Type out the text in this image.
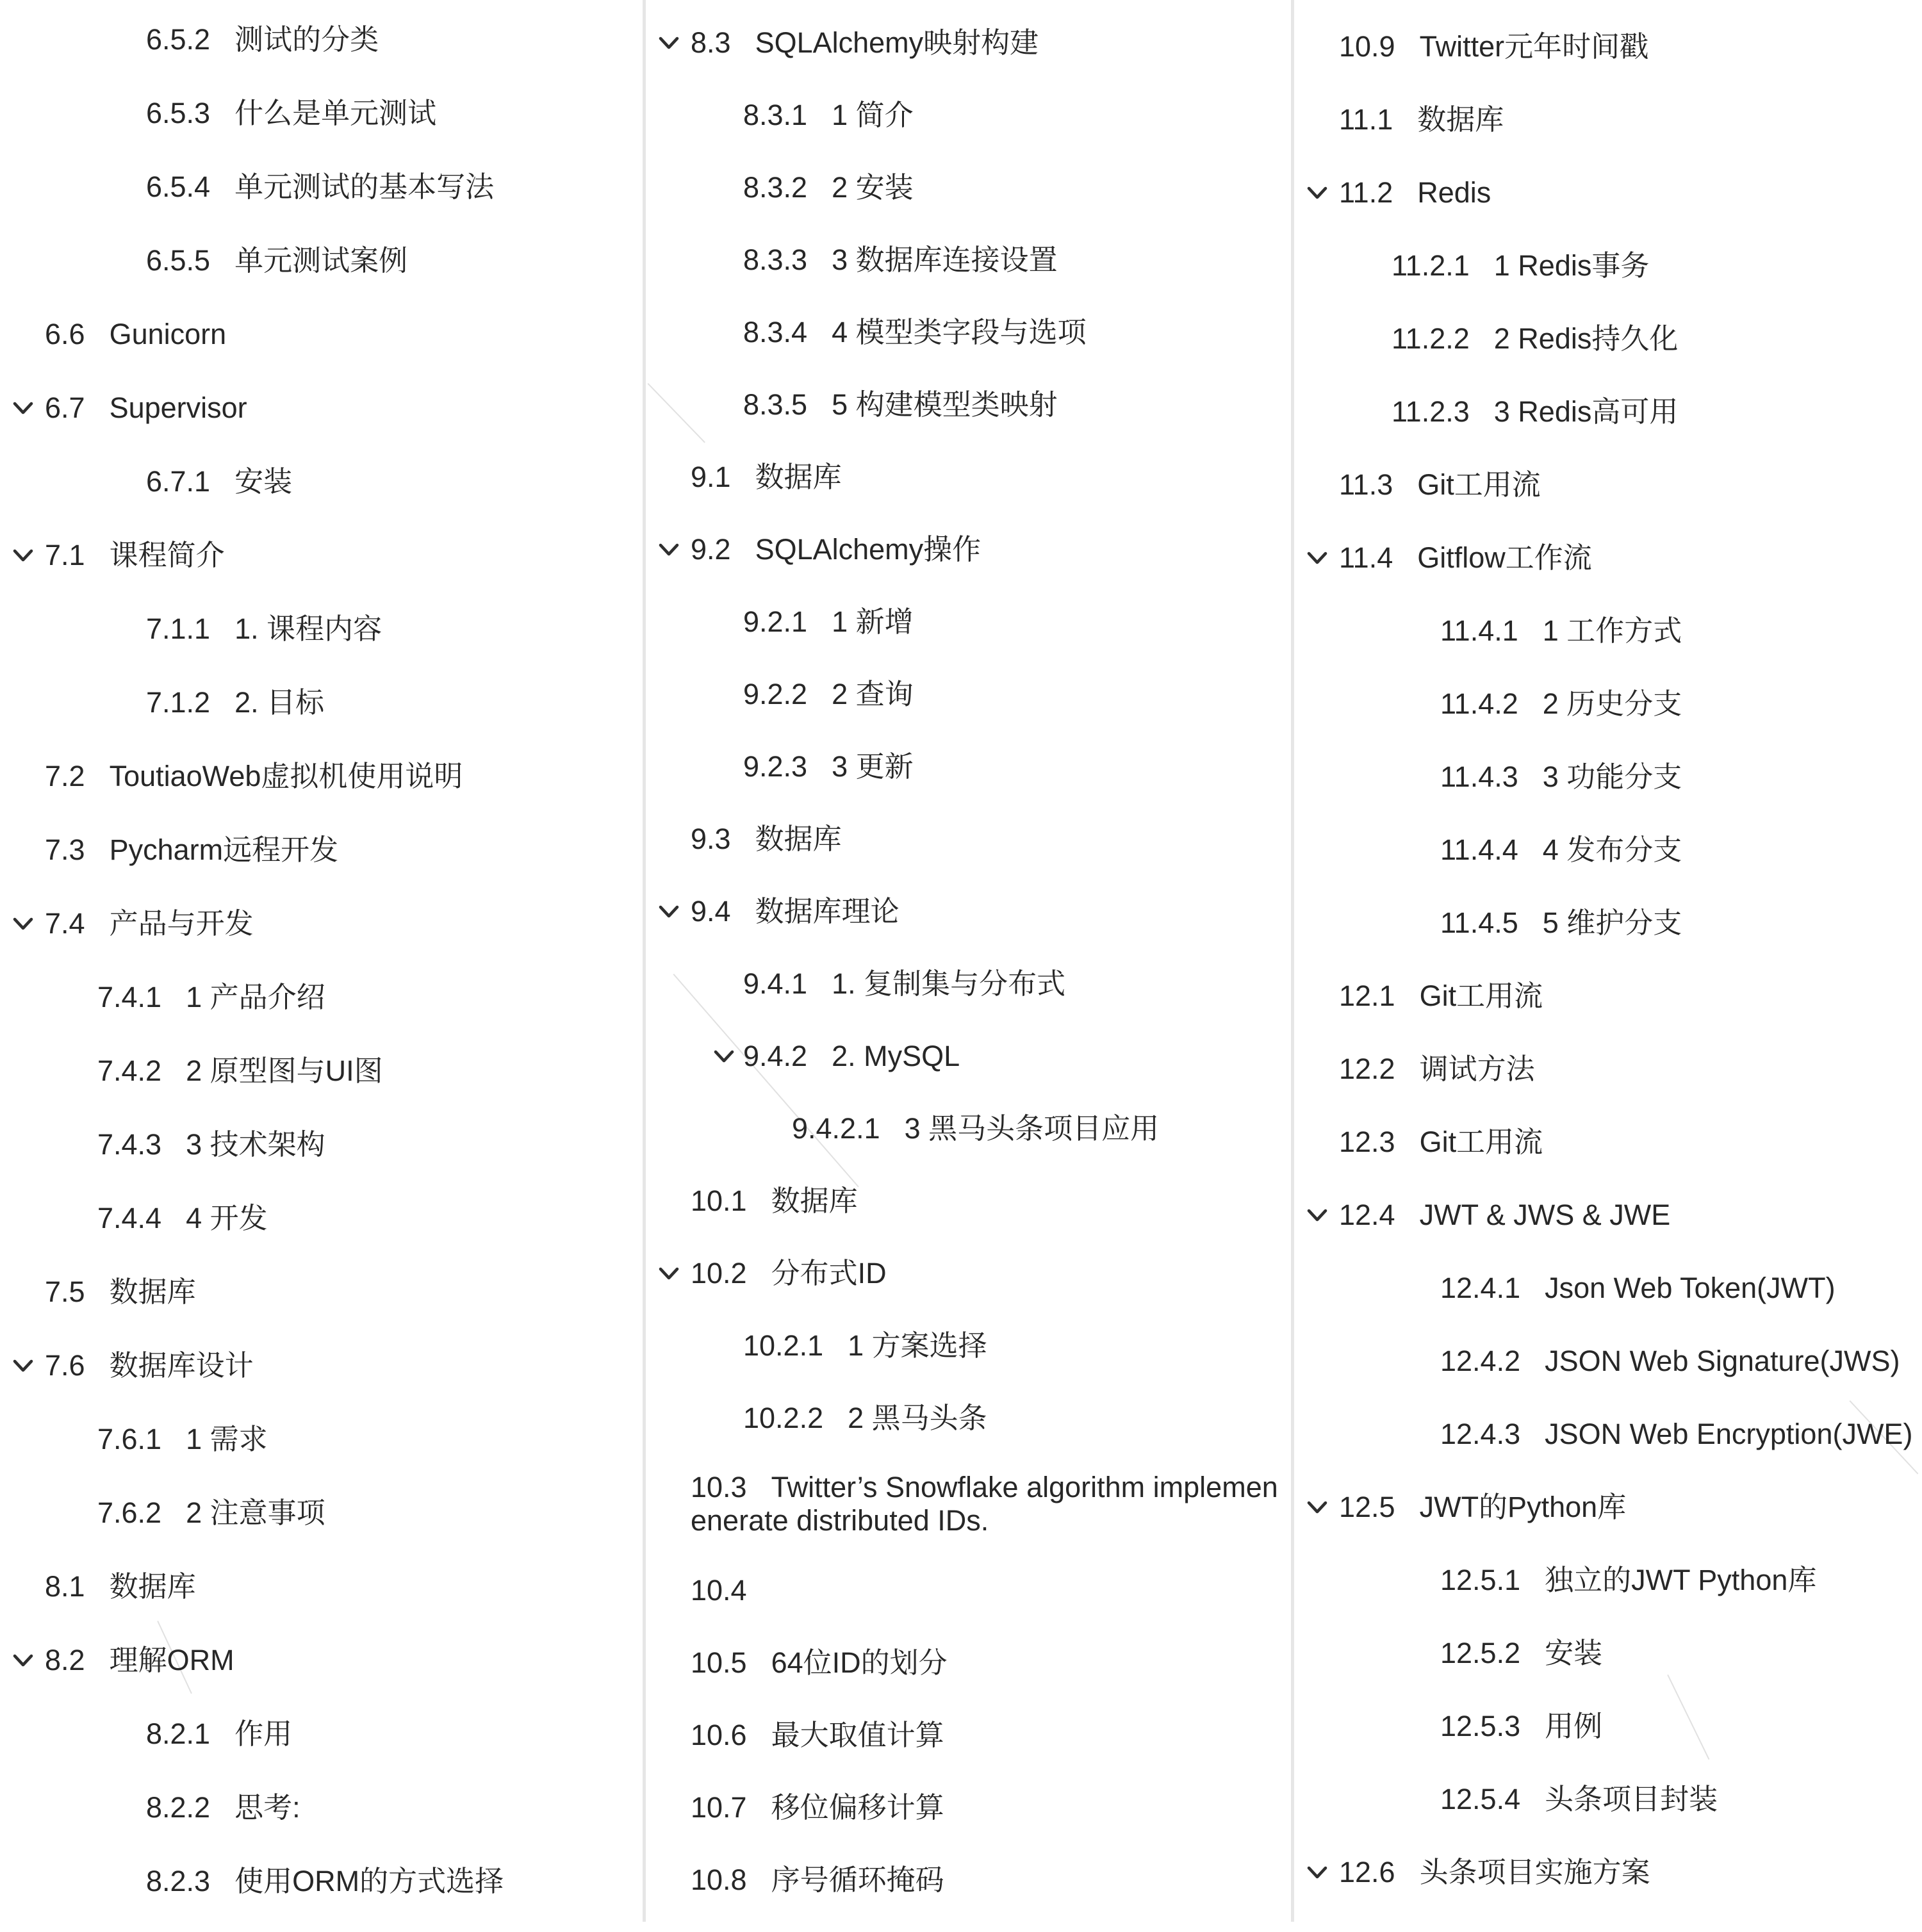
6.5.2 测试的分类
6.5.3 什么是单元测试
6.5.4 单元测试的基本写法
6.5.5 单元测试案例
6.6 Gunicorn
6.7 Supervisor
6.7.1 安装
7.1 课程简介
7.1.1 1. 课程内容
7.1.2 2. 目标
7.2 ToutiaoWeb虚拟机使用说明
7.3 Pycharm远程开发
7.4 产品与开发
7.4.1 1 产品介绍
7.4.2 2 原型图与UI图
7.4.3 3 技术架构
7.4.4 4 开发
7.5 数据库
7.6 数据库设计
7.6.1 1 需求
7.6.2 2 注意事项
8.1 数据库
8.2 理解ORM
8.2.1 作用
8.2.2 思考:
8.2.3 使用ORM的方式选择
8.3 SQLAlchemy映射构建
8.3.1 1 简介
8.3.2 2 安装
8.3.3 3 数据库连接设置
8.3.4 4 模型类字段与选项
8.3.5 5 构建模型类映射
9.1 数据库
9.2 SQLAlchemy操作
9.2.1 1 新增
9.2.2 2 查询
9.2.3 3 更新
9.3 数据库
9.4 数据库理论
9.4.1 1. 复制集与分布式
9.4.2 2. MySQL
9.4.2.1 3 黑马头条项目应用
10.1 数据库
10.2 分布式ID
10.2.1 1 方案选择
10.2.2 2 黑马头条
10.3 Twitter’s Snowflake algorithm implemen
enerate distributed IDs.
10.4
10.5 64位ID的划分
10.6 最大取值计算
10.7 移位偏移计算
10.8 序号循环掩码
10.9 Twitter元年时间戳
11.1 数据库
11.2 Redis
11.2.1 1 Redis事务
11.2.2 2 Redis持久化
11.2.3 3 Redis高可用
11.3 Git工用流
11.4 Gitflow工作流
11.4.1 1 工作方式
11.4.2 2 历史分支
11.4.3 3 功能分支
11.4.4 4 发布分支
11.4.5 5 维护分支
12.1 Git工用流
12.2 调试方法
12.3 Git工用流
12.4 JWT & JWS & JWE
12.4.1 Json Web Token(JWT)
12.4.2 JSON Web Signature(JWS)
12.4.3 JSON Web Encryption(JWE)
12.5 JWT的Python库
12.5.1 独立的JWT Python库
12.5.2 安装
12.5.3 用例
12.5.4 头条项目封装
12.6 头条项目实施方案
